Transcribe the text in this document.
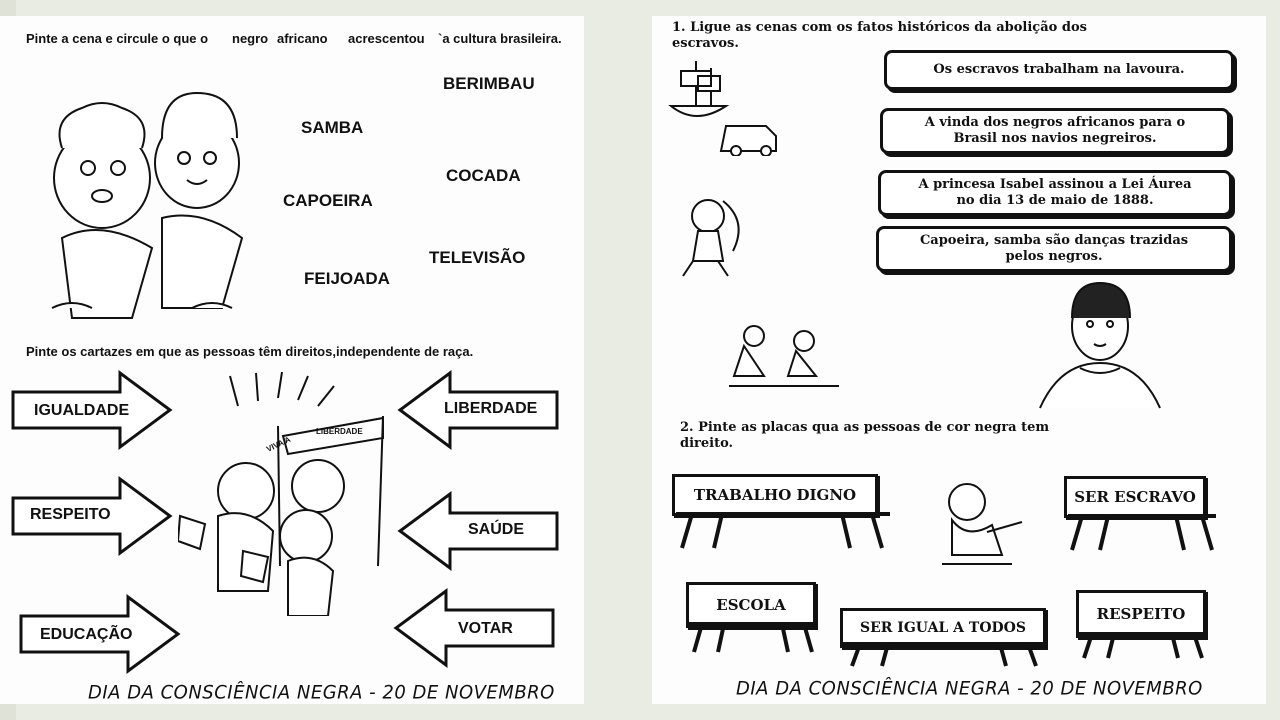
Pinte a cena e circule o que o negro africano acrescentou `a cultura brasileira.
BERIMBAU
SAMBA
COCADA
CAPOEIRA
TELEVISÃO
FEIJOADA
Pinte os cartazes em que as pessoas têm direitos,independente de raça.
IGUALDADE
RESPEITO
EDUCAÇÃO
LIBERDADE
SAÚDE
VOTAR
LIBERDADE
VIVA A
DIA DA CONSCIÊNCIA NEGRA - 20 DE NOVEMBRO
1. Ligue as cenas com os fatos históricos da abolição dos
escravos.
Os escravos trabalham na lavoura.
A vinda dos negros africanos para o
Brasil nos navios negreiros.
A princesa Isabel assinou a Lei Áurea
no dia 13 de maio de 1888.
Capoeira, samba são danças trazidas
pelos negros.
2. Pinte as placas qua as pessoas de cor negra tem
direito.
TRABALHO DIGNO	SER ESCRAVO
ESCOLA
SER IGUAL A TODOS
RESPEITO
DIA DA CONSCIÊNCIA NEGRA - 20 DE NOVEMBRO
